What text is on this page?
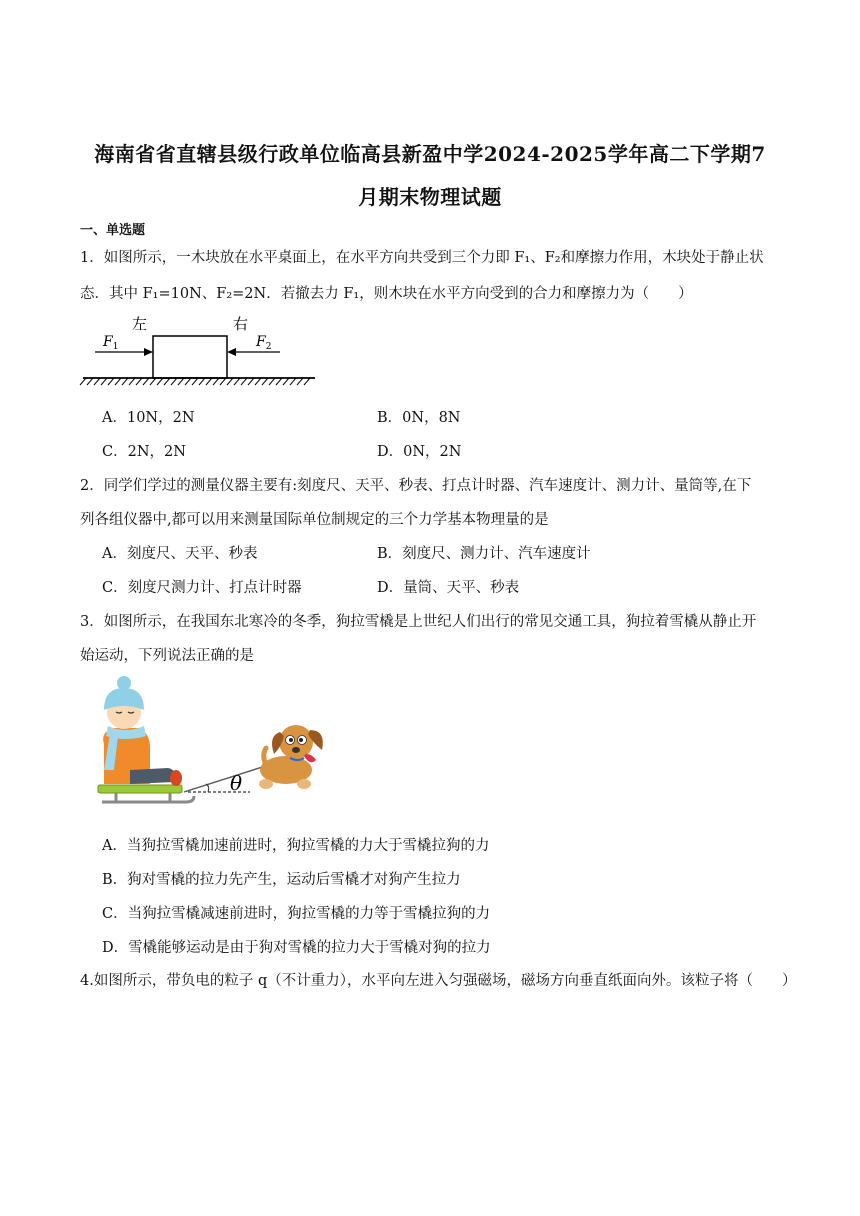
海南省省直辖县级行政单位临高县新盈中学2024-2025学年高二下学期7
月期末物理试题
一、单选题
1．如图所示，一木块放在水平桌面上，在水平方向共受到三个力即 F₁、F₂和摩擦力作用，木块处于静止状
态．其中 F₁=10N、F₂=2N．若撤去力 F₁，则木块在水平方向受到的合力和摩擦力为（　　）
左	右
$F_1$	$F_2$
A．10N，2N	B．0N，8N
C．2N，2N	D．0N，2N
2．同学们学过的测量仪器主要有:刻度尺、天平、秒表、打点计时器、汽车速度计、测力计、量筒等,在下
列各组仪器中,都可以用来测量国际单位制规定的三个力学基本物理量的是
A．刻度尺、天平、秒表	B．刻度尺、测力计、汽车速度计
C．刻度尺测力计、打点计时器	D．量筒、天平、秒表
3．如图所示，在我国东北寒冷的冬季，狗拉雪橇是上世纪人们出行的常见交通工具，狗拉着雪橇从静止开
始运动，下列说法正确的是
θ
A．当狗拉雪橇加速前进时，狗拉雪橇的力大于雪橇拉狗的力
B．狗对雪橇的拉力先产生，运动后雪橇才对狗产生拉力
C．当狗拉雪橇减速前进时，狗拉雪橇的力等于雪橇拉狗的力
D．雪橇能够运动是由于狗对雪橇的拉力大于雪橇对狗的拉力
4.如图所示，带负电的粒子 q（不计重力），水平向左进入匀强磁场，磁场方向垂直纸面向外。该粒子将（　　）
